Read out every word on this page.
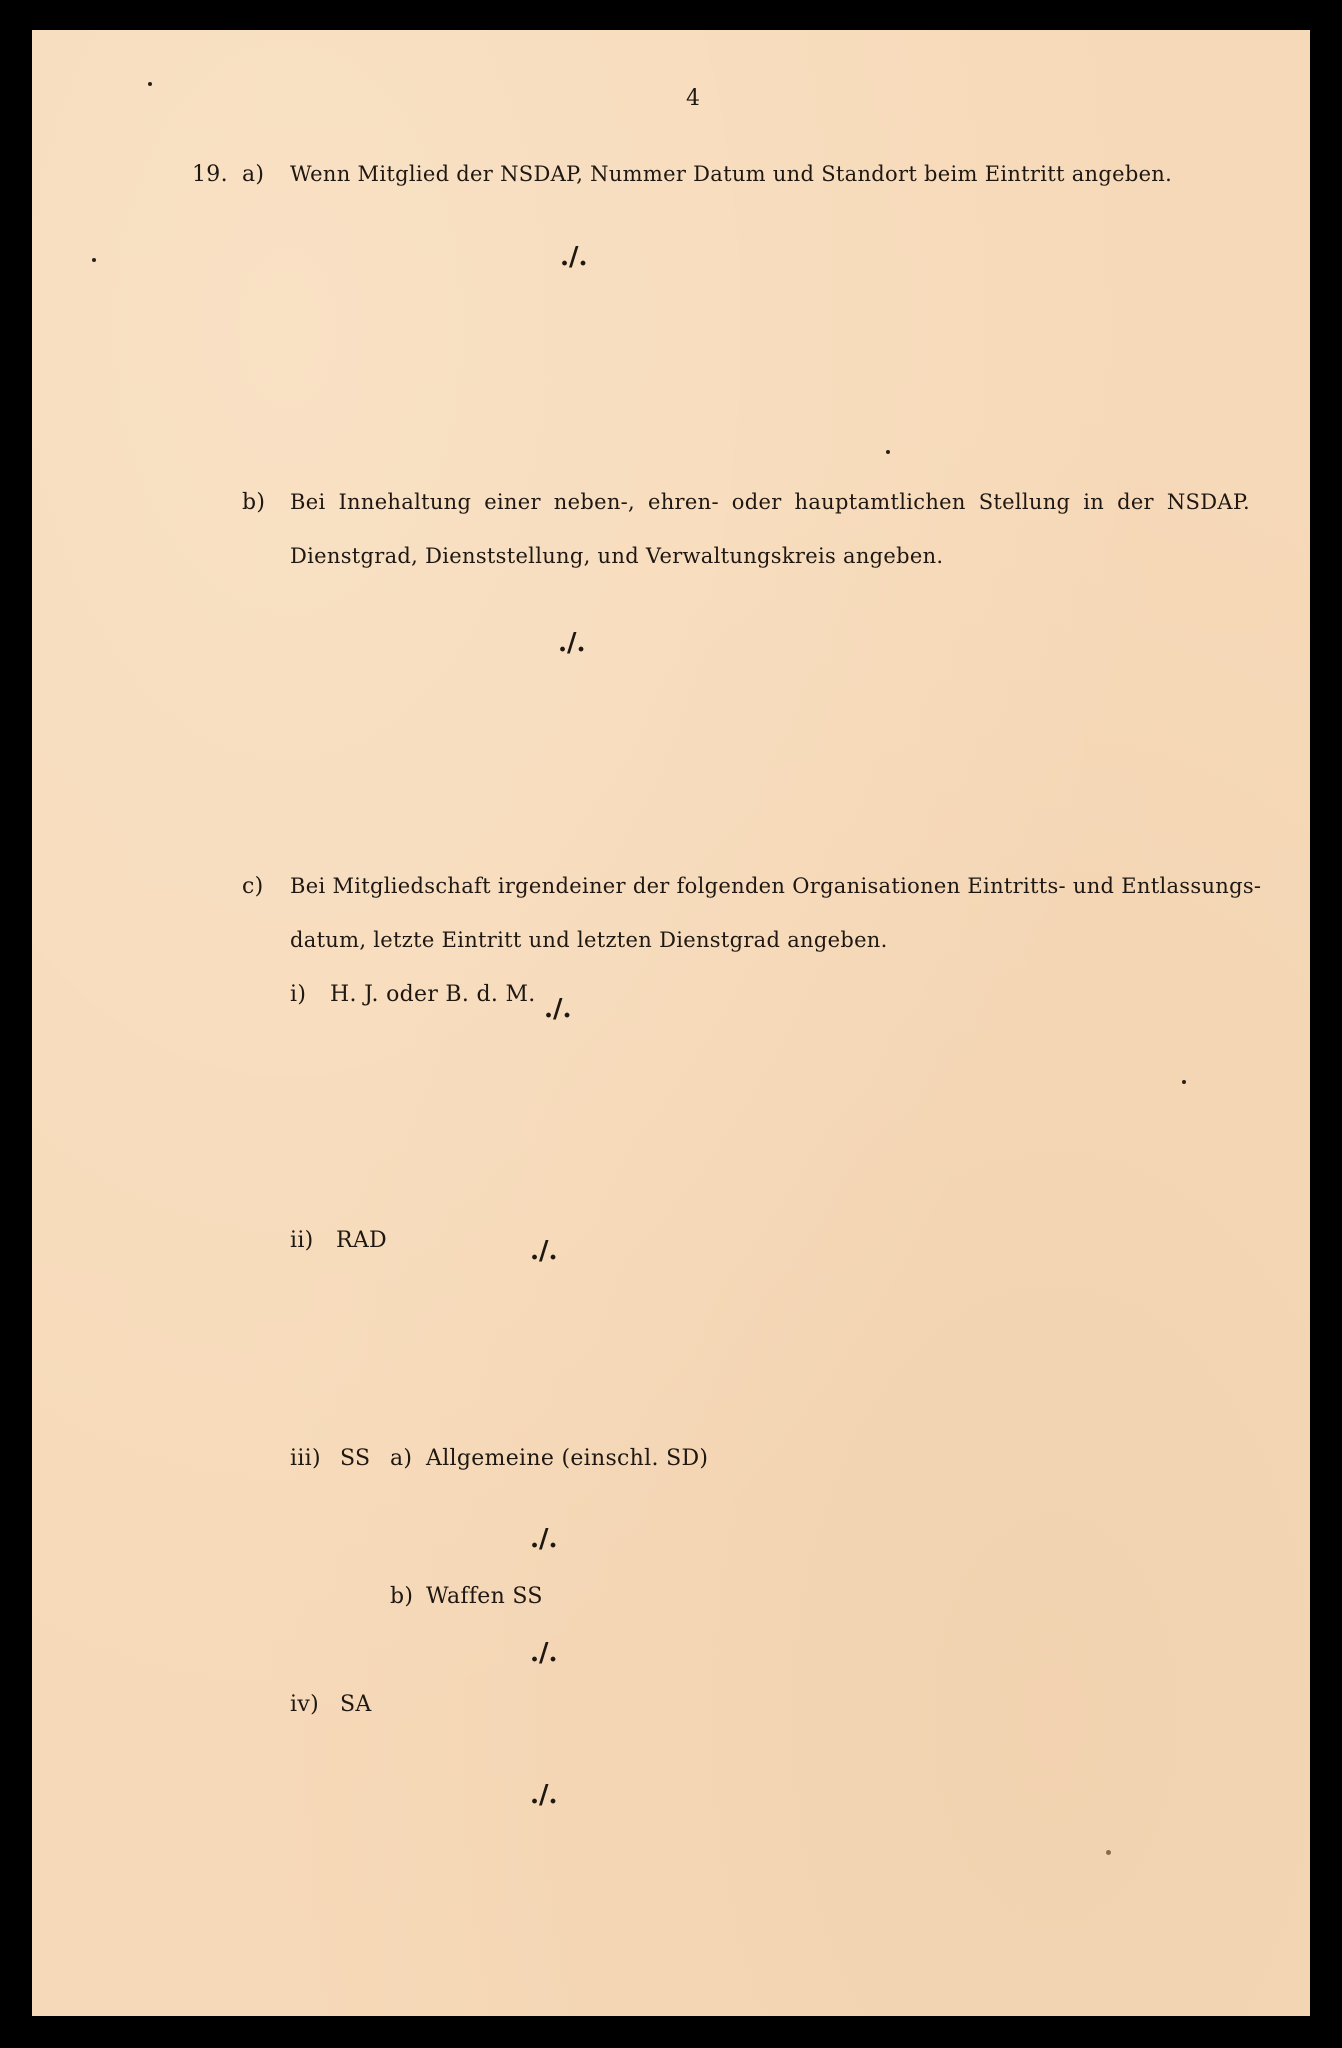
4
19. a) Wenn Mitglied der NSDAP, Nummer Datum und Standort beim Eintritt angeben.
./.
b) Bei Innehaltung einer neben-, ehren- oder hauptamtlichen Stellung in der NSDAP.
Dienstgrad, Dienststellung, und Verwaltungskreis angeben.
./.
c) Bei Mitgliedschaft irgendeiner der folgenden Organisationen Eintritts- und Entlassungs-
datum, letzte Eintritt und letzten Dienstgrad angeben.
i) H. J. oder B. d. M. ./.
ii) RAD	./.
iii) SS a) Allgemeine (einschl. SD)
./.
b) Waffen SS
./.
iv) SA
./.
